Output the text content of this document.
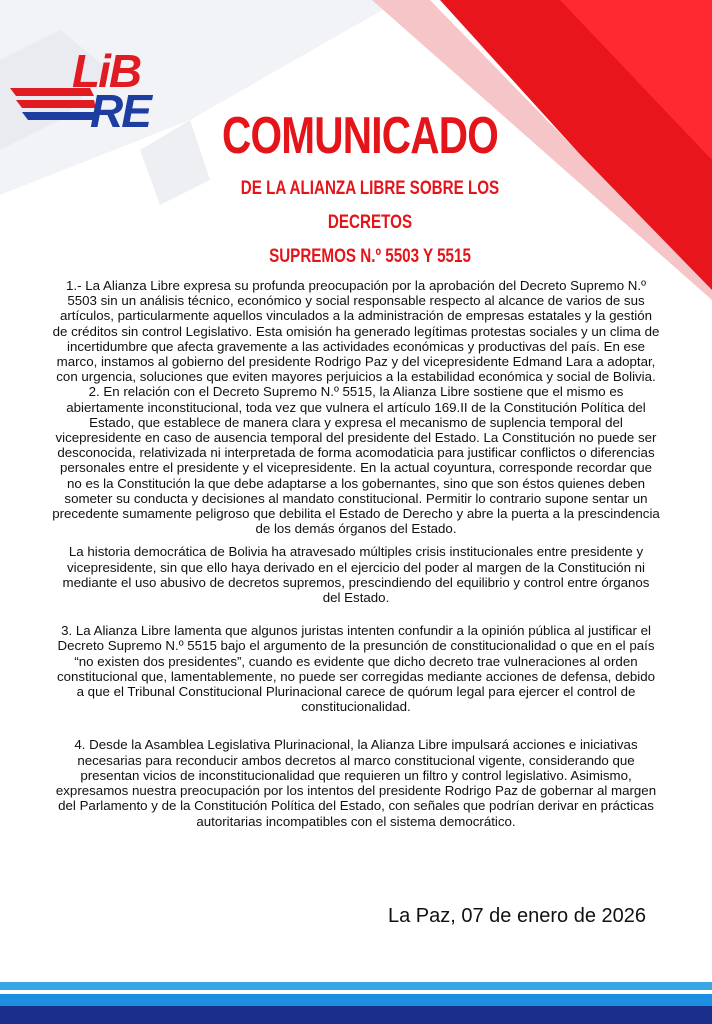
LiB
RE COMUNICADO
DE LA ALIANZA LIBRE SOBRE LOS DECRETOS
SUPREMOS N.º 5503 Y 5515

1.- La Alianza Libre expresa su profunda preocupación por la aprobación del Decreto Supremo N.º 5503 sin un análisis técnico, económico y social responsable respecto al alcance de varios de sus artículos, particularmente aquellos vinculados a la administración de empresas estatales y la gestión de créditos sin control Legislativo. Esta omisión ha generado legítimas protestas sociales y un clima de incertidumbre que afecta gravemente a las actividades económicas y productivas del país. En ese marco, instamos al gobierno del presidente Rodrigo Paz y del vicepresidente Edmand Lara a adoptar, con urgencia, soluciones que eviten mayores perjuicios a la estabilidad económica y social de Bolivia.

2. En relación con el Decreto Supremo N.º 5515, la Alianza Libre sostiene que el mismo es abiertamente inconstitucional, toda vez que vulnera el artículo 169.II de la Constitución Política del Estado, que establece de manera clara y expresa el mecanismo de suplencia temporal del vicepresidente en caso de ausencia temporal del presidente del Estado. La Constitución no puede ser desconocida, relativizada ni interpretada de forma acomodaticia para justificar conflictos o diferencias personales entre el presidente y el vicepresidente. En la actual coyuntura, corresponde recordar que no es la Constitución la que debe adaptarse a los gobernantes, sino que son éstos quienes deben someter su conducta y decisiones al mandato constitucional. Permitir lo contrario supone sentar un precedente sumamente peligroso que debilita el Estado de Derecho y abre la puerta a la prescindencia de los demás órganos del Estado.

La historia democrática de Bolivia ha atravesado múltiples crisis institucionales entre presidente y vicepresidente, sin que ello haya derivado en el ejercicio del poder al margen de la Constitución ni mediante el uso abusivo de decretos supremos, prescindiendo del equilibrio y control entre órganos del Estado.

3. La Alianza Libre lamenta que algunos juristas intenten confundir a la opinión pública al justificar el Decreto Supremo N.º 5515 bajo el argumento de la presunción de constitucionalidad o que en el país “no existen dos presidentes”, cuando es evidente que dicho decreto trae vulneraciones al orden constitucional que, lamentablemente, no puede ser corregidas mediante acciones de defensa, debido a que el Tribunal Constitucional Plurinacional carece de quórum legal para ejercer el control de constitucionalidad.

4. Desde la Asamblea Legislativa Plurinacional, la Alianza Libre impulsará acciones e iniciativas necesarias para reconducir ambos decretos al marco constitucional vigente, considerando que presentan vicios de inconstitucionalidad que requieren un filtro y control legislativo. Asimismo, expresamos nuestra preocupación por los intentos del presidente Rodrigo Paz de gobernar al margen del Parlamento y de la Constitución Política del Estado, con señales que podrían derivar en prácticas autoritarias incompatibles con el sistema democrático.

La Paz, 07 de enero de 2026
